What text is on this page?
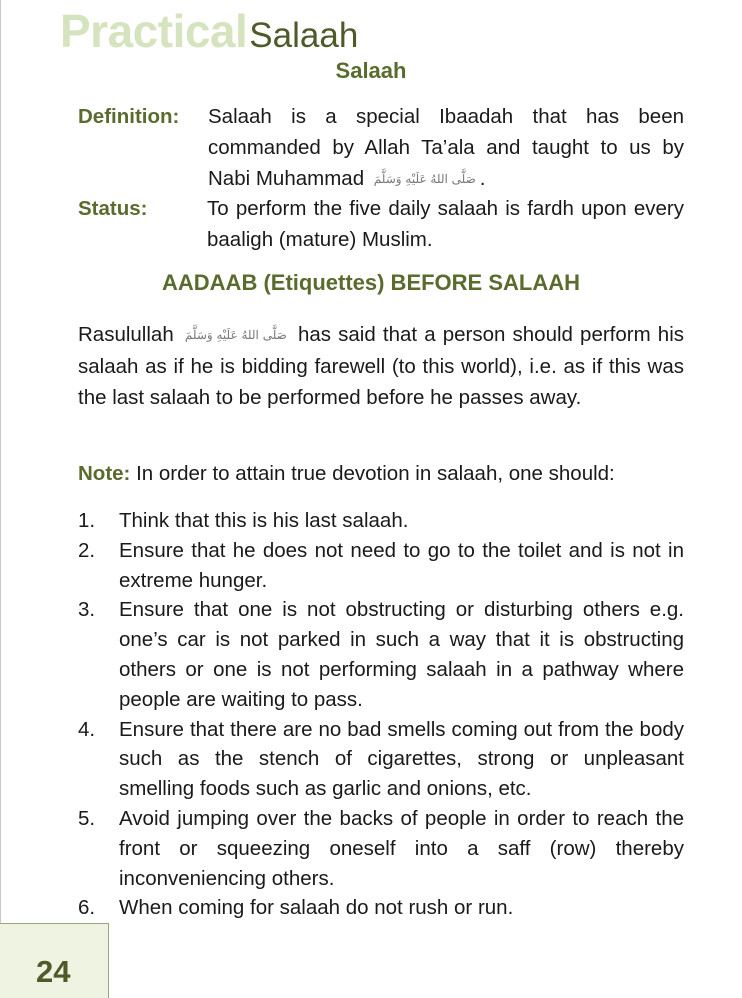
Practical Salaah
Salaah
Definition: Salaah is a special Ibaadah that has been commanded by Allah Ta’ala and taught to us by Nabi Muhammad صَلَّى اللهُ عَلَيْهِ وَسَلَّمَ .
Status:	To perform the five daily salaah is fardh upon every baaligh (mature) Muslim.
AADAAB (Etiquettes) BEFORE SALAAH
Rasulullah صَلَّى اللهُ عَلَيْهِ وَسَلَّمَ has said that a person should perform his salaah as if he is bidding farewell (to this world), i.e. as if this was the last salaah to be performed before he passes away.
Note: In order to attain true devotion in salaah, one should:
1. Think that this is his last salaah.
2. Ensure that he does not need to go to the toilet and is not in extreme hunger.
3. Ensure that one is not obstructing or disturbing others e.g. one’s car is not parked in such a way that it is obstructing others or one is not performing salaah in a pathway where people are waiting to pass.
4. Ensure that there are no bad smells coming out from the body such as the stench of cigarettes, strong or unpleasant smelling foods such as garlic and onions, etc.
5. Avoid jumping over the backs of people in order to reach the front or squeezing oneself into a saff (row) thereby inconveniencing others.
6. When coming for salaah do not rush or run.
24
